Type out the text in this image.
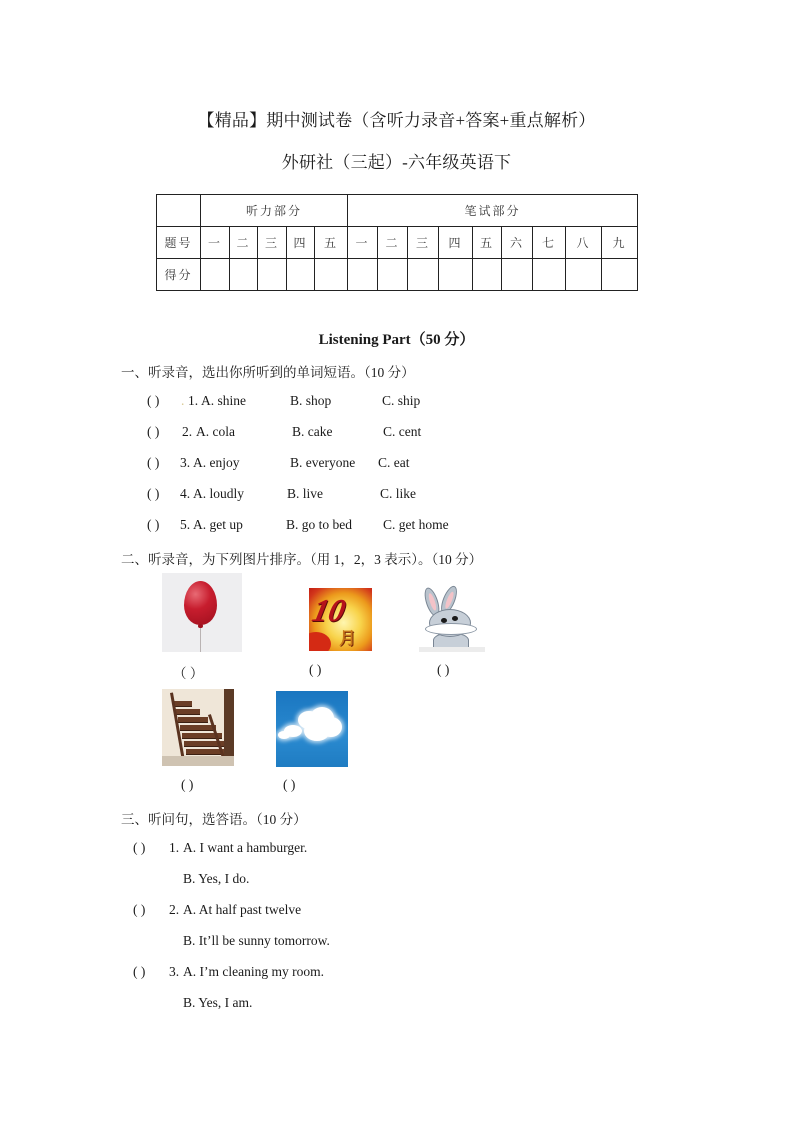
【精品】期中测试卷（含听力录音+答案+重点解析）
外研社（三起）-六年级英语下
	听力部分					笔试部分								
题号	一	二	三	四	五	一	二	三	四	五	六	七	八	九
得分														
Listening Part（50 分）
一、听录音，选出你所听到的单词短语。（10 分）
( ) . 1. A. shine	B. shop	C. ship
( ) 2. A. cola	B. cake	C. cent
( ) 3. A. enjoy	B. everyone C. eat
( ) 4. A. loudly	B. live	C. like
( ) 5. A. get up	B. go to bed C. get home
二、听录音，为下列图片排序。（用 1，2，3 表示）。（10 分）
（ ）
10
月
( )	( )
( )	( )
三、听问句，选答语。（10 分）
( ) 1. A. I want a hamburger.
B. Yes, I do.
( ) 2. A. At half past twelve
B. It’ll be sunny tomorrow.
( ) 3. A. I’m cleaning my room.
B. Yes, I am.
